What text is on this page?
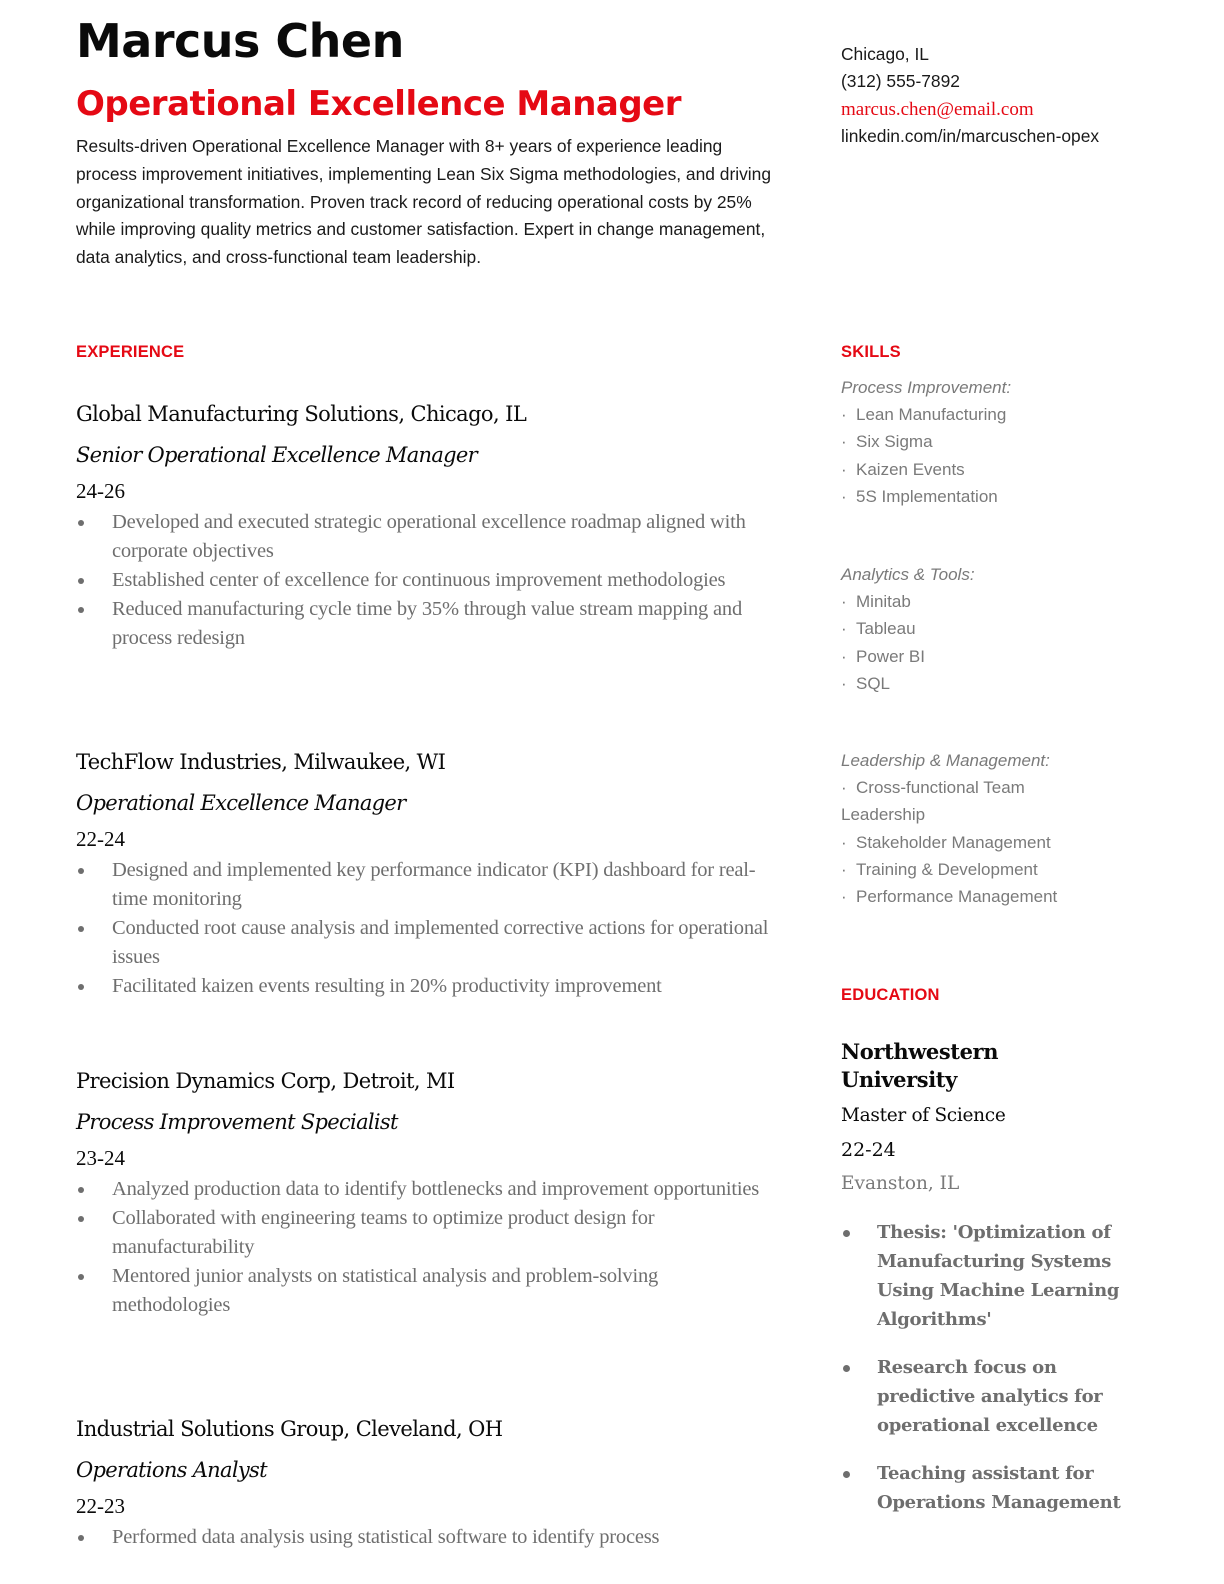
Marcus Chen
Operational Excellence Manager
Results-driven Operational Excellence Manager with 8+ years of experience leading process improvement initiatives, implementing Lean Six Sigma methodologies, and driving organizational transformation. Proven track record of reducing operational costs by 25% while improving quality metrics and customer satisfaction. Expert in change management, data analytics, and cross-functional team leadership.
EXPERIENCE
Global Manufacturing Solutions, Chicago, IL
Senior Operational Excellence Manager
24-26
Developed and executed strategic operational excellence roadmap aligned with corporate objectives
Established center of excellence for continuous improvement methodologies
Reduced manufacturing cycle time by 35% through value stream mapping and process redesign
TechFlow Industries, Milwaukee, WI
Operational Excellence Manager
22-24
Designed and implemented key performance indicator (KPI) dashboard for real-time monitoring
Conducted root cause analysis and implemented corrective actions for operational issues
Facilitated kaizen events resulting in 20% productivity improvement
Precision Dynamics Corp, Detroit, MI
Process Improvement Specialist
23-24
Analyzed production data to identify bottlenecks and improvement opportunities
Collaborated with engineering teams to optimize product design for manufacturability
Mentored junior analysts on statistical analysis and problem-solving methodologies
Industrial Solutions Group, Cleveland, OH
Operations Analyst
22-23
Performed data analysis using statistical software to identify process
Chicago, IL
(312) 555-7892
marcus.chen@email.com
linkedin.com/in/marcuschen-opex
SKILLS
Process Improvement:
· Lean Manufacturing
· Six Sigma
· Kaizen Events
· 5S Implementation
Analytics & Tools:
· Minitab
· Tableau
· Power BI
· SQL
Leadership & Management:
· Cross-functional Team Leadership
· Stakeholder Management
· Training & Development
· Performance Management
EDUCATION
Northwestern University
Master of Science
22-24
Evanston, IL
Thesis: 'Optimization of Manufacturing Systems Using Machine Learning Algorithms'
Research focus on predictive analytics for operational excellence
Teaching assistant for Operations Management
